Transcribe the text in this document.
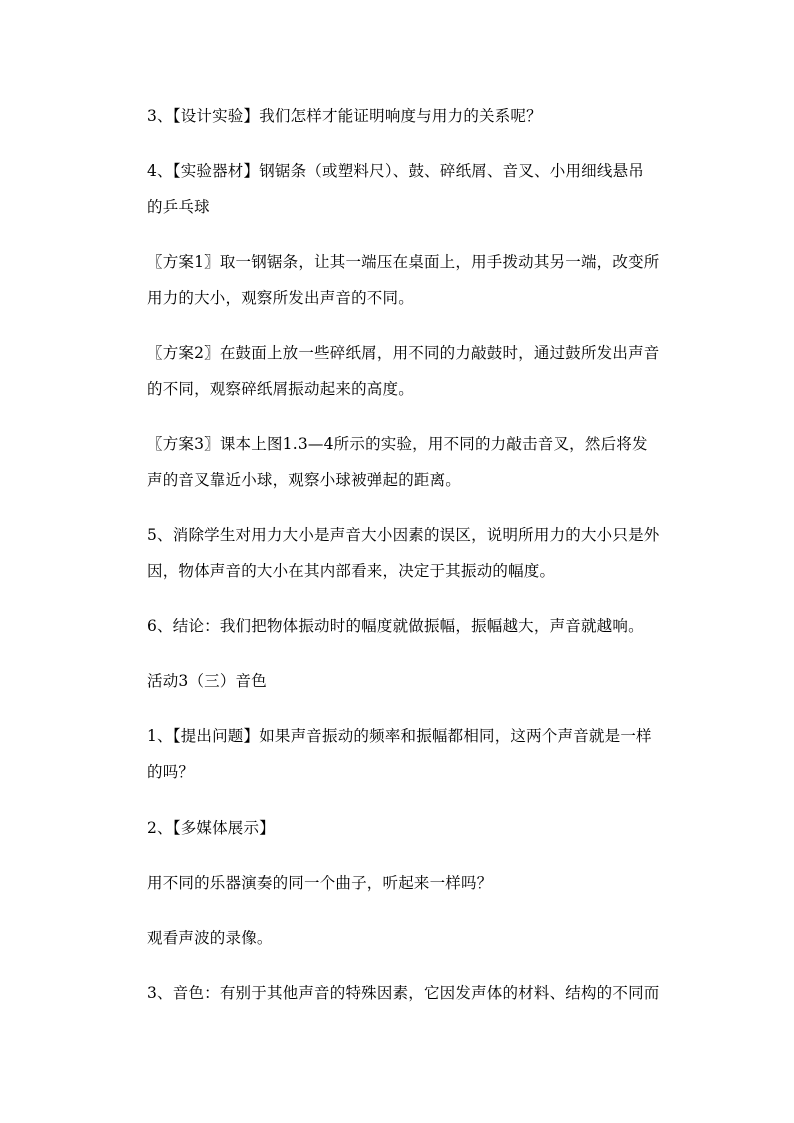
3、【设计实验】我们怎样才能证明响度与用力的关系呢？

4、【实验器材】钢锯条（或塑料尺）、鼓、碎纸屑、音叉、小用细线悬吊
的乒乓球

〖方案1〗取一钢锯条，让其一端压在桌面上，用手拨动其另一端，改变所
用力的大小，观察所发出声音的不同。

〖方案2〗在鼓面上放一些碎纸屑，用不同的力敲鼓时，通过鼓所发出声音
的不同，观察碎纸屑振动起来的高度。

〖方案3〗课本上图1.3—4所示的实验，用不同的力敲击音叉，然后将发
声的音叉靠近小球，观察小球被弹起的距离。

5、消除学生对用力大小是声音大小因素的误区，说明所用力的大小只是外
因，物体声音的大小在其内部看来，决定于其振动的幅度。

6、结论：我们把物体振动时的幅度就做振幅，振幅越大，声音就越响。

活动3（三）音色

1、【提出问题】如果声音振动的频率和振幅都相同，这两个声音就是一样
的吗？

2、【多媒体展示】

用不同的乐器演奏的同一个曲子，听起来一样吗？

观看声波的录像。

3、音色：有别于其他声音的特殊因素，它因发声体的材料、结构的不同而
